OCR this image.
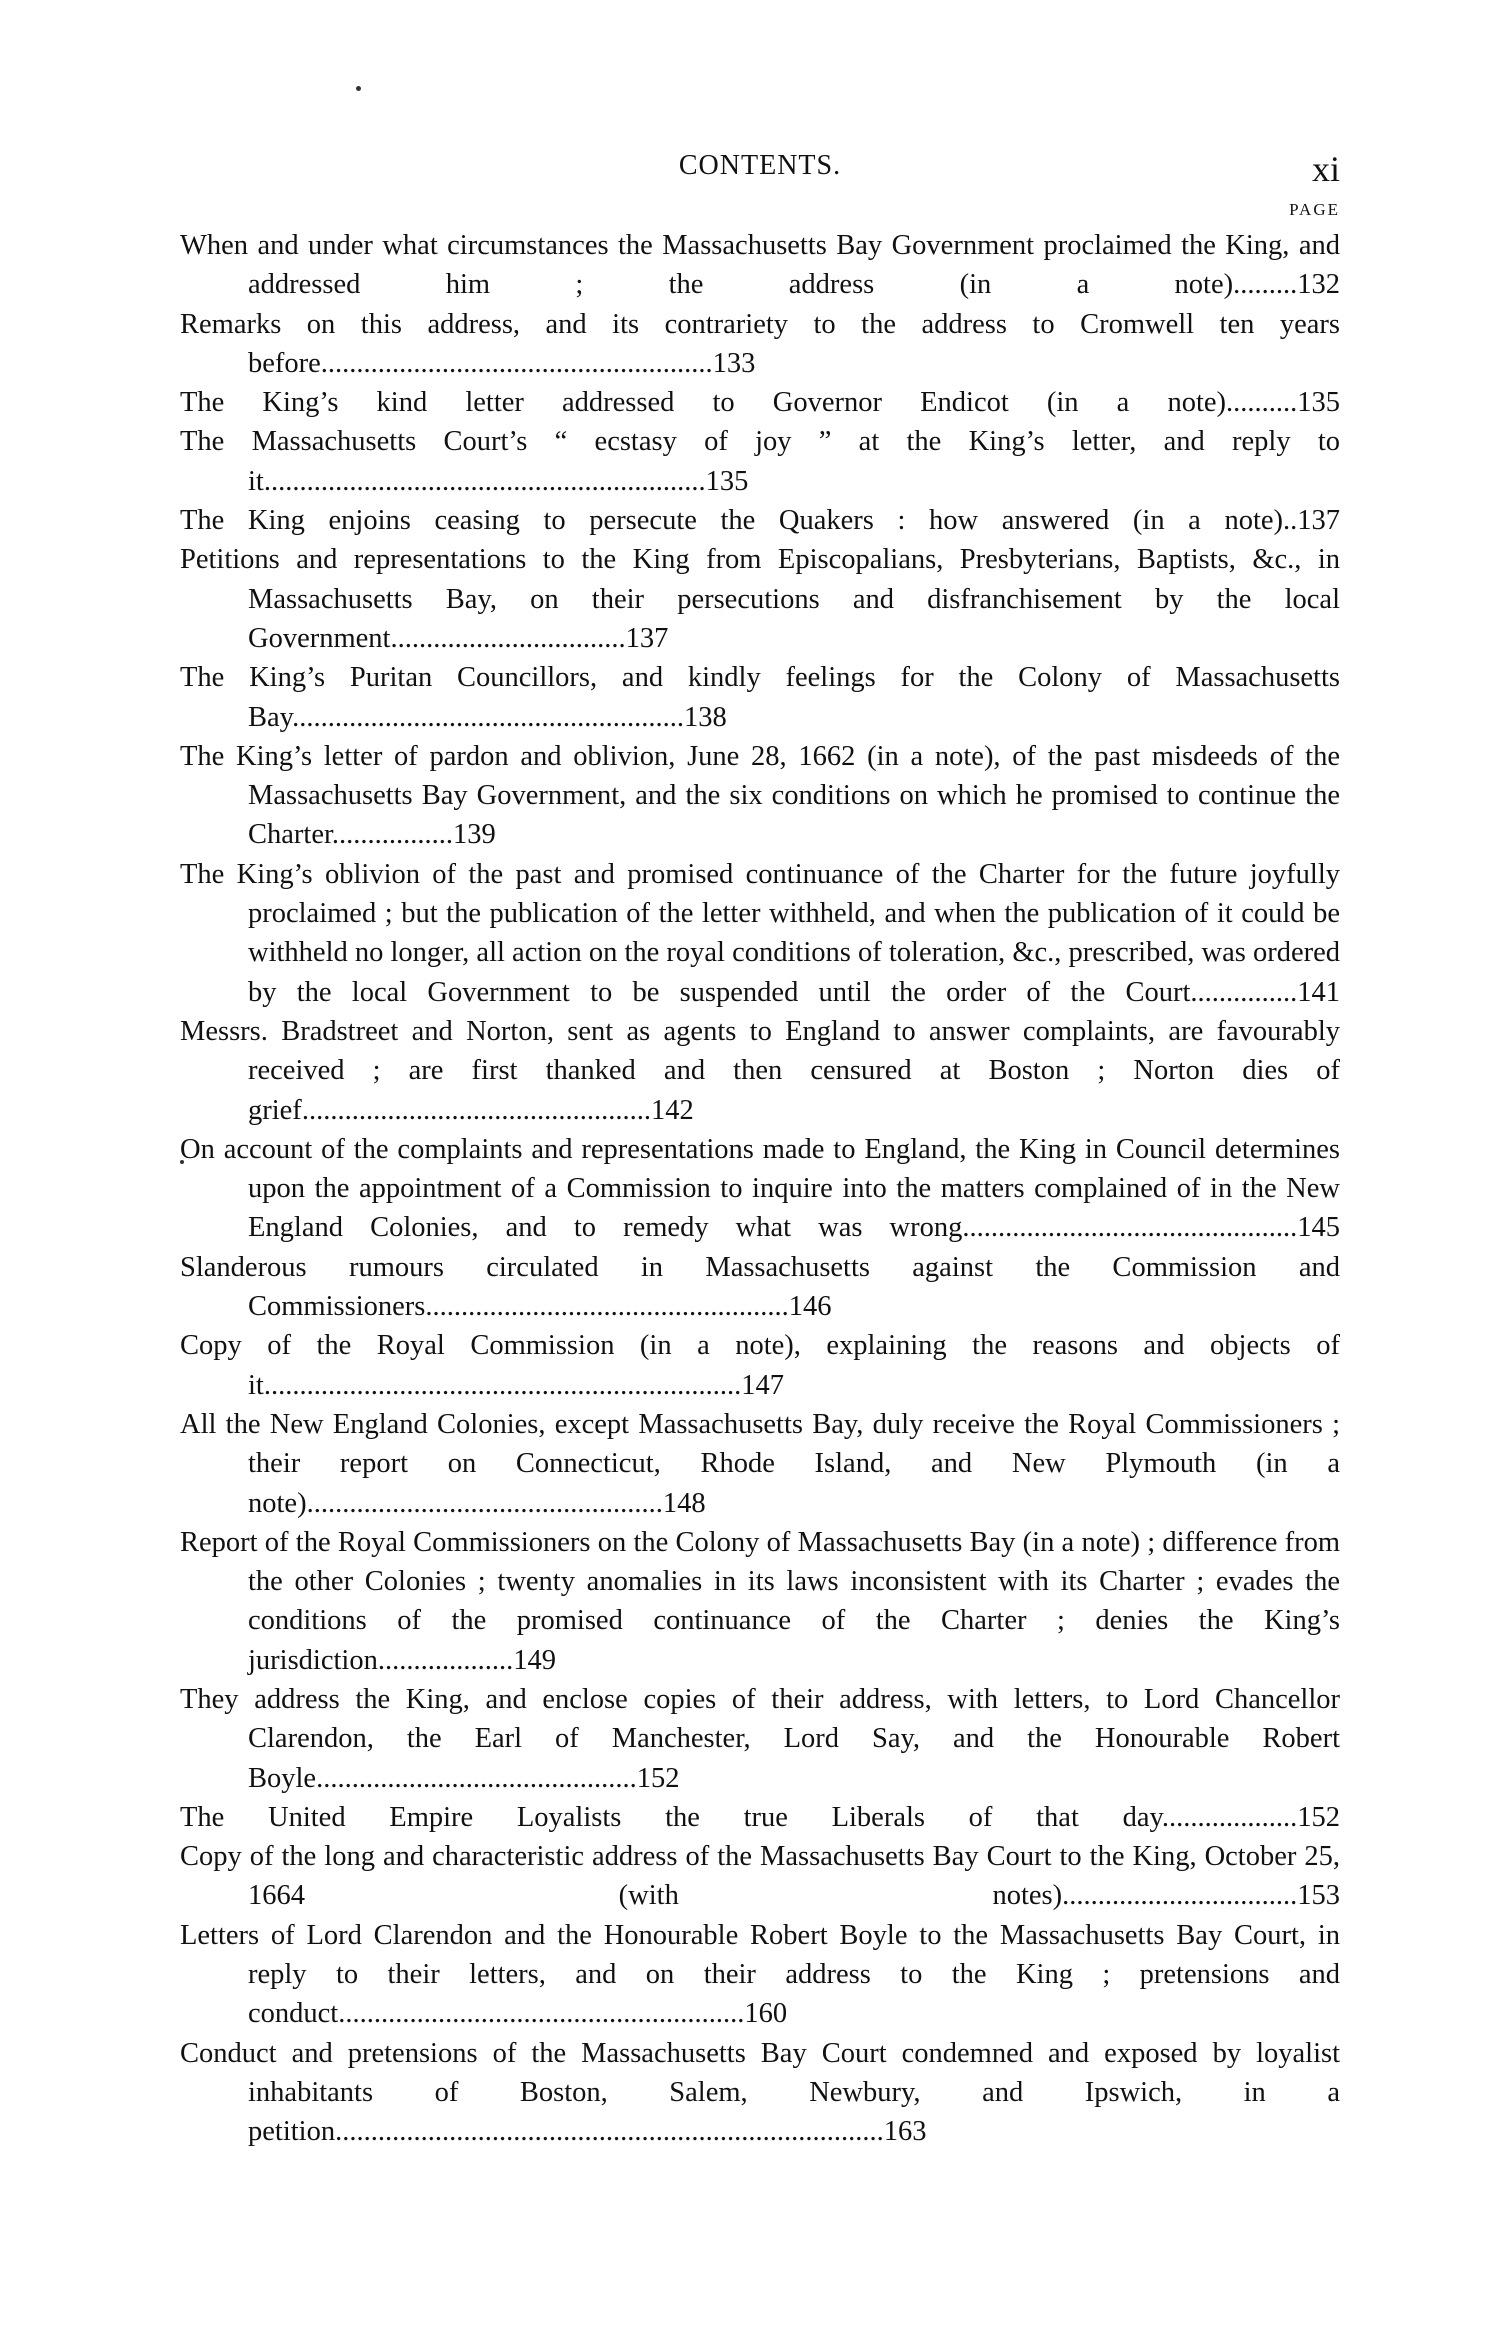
CONTENTS.	xi
PAGE
When and under what circumstances the Massachusetts Bay Government proclaimed the King, and addressed him ; the address (in a note).........132
Remarks on this address, and its contrariety to the address to Cromwell ten years before.......................................................133
The King’s kind letter addressed to Governor Endicot (in a note)..........135
The Massachusetts Court’s “ ecstasy of joy ” at the King’s letter, and reply to it..............................................................135
The King enjoins ceasing to persecute the Quakers : how answered (in a note)..137
Petitions and representations to the King from Episcopalians, Presbyterians, Baptists, &c., in Massachusetts Bay, on their persecutions and disfranchisement by the local Government.................................137
The King’s Puritan Councillors, and kindly feelings for the Colony of Massachusetts Bay.......................................................138
The King’s letter of pardon and oblivion, June 28, 1662 (in a note), of the past misdeeds of the Massachusetts Bay Government, and the six conditions on which he promised to continue the Charter.................139
The King’s oblivion of the past and promised continuance of the Charter for the future joyfully proclaimed ; but the publication of the letter withheld, and when the publication of it could be withheld no longer, all action on the royal conditions of toleration, &c., prescribed, was ordered by the local Government to be suspended until the order of the Court...............141
Messrs. Bradstreet and Norton, sent as agents to England to answer complaints, are favourably received ; are first thanked and then censured at Boston ; Norton dies of grief.................................................142
On account of the complaints and representations made to England, the King in Council determines upon the appointment of a Commission to inquire into the matters complained of in the New England Colonies, and to remedy what was wrong...............................................145
Slanderous rumours circulated in Massachusetts against the Commission and Commissioners...................................................146
Copy of the Royal Commission (in a note), explaining the reasons and objects of it...................................................................147
All the New England Colonies, except Massachusetts Bay, duly receive the Royal Commissioners ; their report on Connecticut, Rhode Island, and New Plymouth (in a note)..................................................148
Report of the Royal Commissioners on the Colony of Massachusetts Bay (in a note) ; difference from the other Colonies ; twenty anomalies in its laws inconsistent with its Charter ; evades the conditions of the promised continuance of the Charter ; denies the King’s jurisdiction...................149
They address the King, and enclose copies of their address, with letters, to Lord Chancellor Clarendon, the Earl of Manchester, Lord Say, and the Honourable Robert Boyle.............................................152
The United Empire Loyalists the true Liberals of that day...................152
Copy of the long and characteristic address of the Massachusetts Bay Court to the King, October 25, 1664 (with notes).................................153
Letters of Lord Clarendon and the Honourable Robert Boyle to the Massachusetts Bay Court, in reply to their letters, and on their address to the King ; pretensions and conduct.........................................................160
Conduct and pretensions of the Massachusetts Bay Court condemned and exposed by loyalist inhabitants of Boston, Salem, Newbury, and Ipswich, in a petition.............................................................................163
